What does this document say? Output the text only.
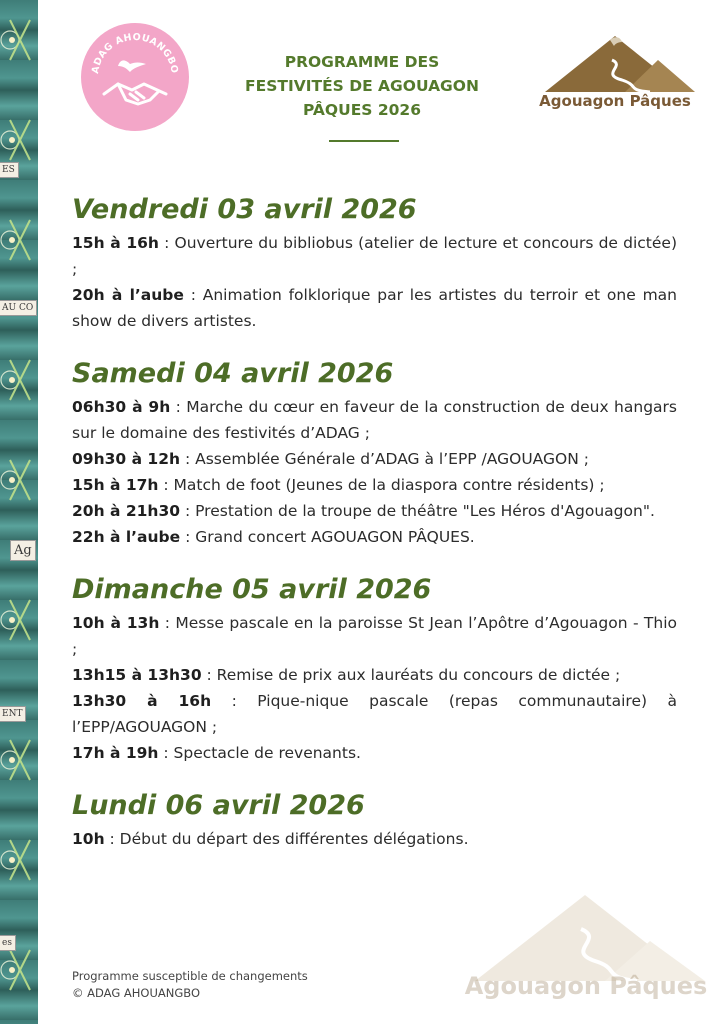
ES
AU CO
Ag
ENT
es
ADAG AHOUANGBO	PROGRAMME DES
FESTIVITÉS DE AGOUAGON
PÂQUES 2026	Agouagon Pâques
Vendredi 03 avril 2026

15h à 16h : Ouverture du bibliobus (atelier de lecture et concours de dictée) ;

20h à l’aube : Animation folklorique par les artistes du terroir et one man show de divers artistes.

Samedi 04 avril 2026

06h30 à 9h : Marche du cœur en faveur de la construction de deux hangars sur le domaine des festivités d’ADAG ;

09h30 à 12h : Assemblée Générale d’ADAG à l’EPP /AGOUAGON ;

15h à 17h : Match de foot (Jeunes de la diaspora contre résidents) ;

20h à 21h30 : Prestation de la troupe de théâtre "Les Héros d'Agouagon".

22h à l’aube : Grand concert AGOUAGON PÂQUES.

Dimanche 05 avril 2026

10h à 13h : Messe pascale en la paroisse St Jean l’Apôtre d’Agouagon - Thio ;

13h15 à 13h30 : Remise de prix aux lauréats du concours de dictée ;

13h30 à 16h : Pique-nique pascale (repas communautaire) à l’EPP/AGOUAGON ;

17h à 19h : Spectacle de revenants.

Lundi 06 avril 2026

10h : Début du départ des différentes délégations.

Agouagon Pâques
Programme susceptible de changements
© ADAG AHOUANGBO
